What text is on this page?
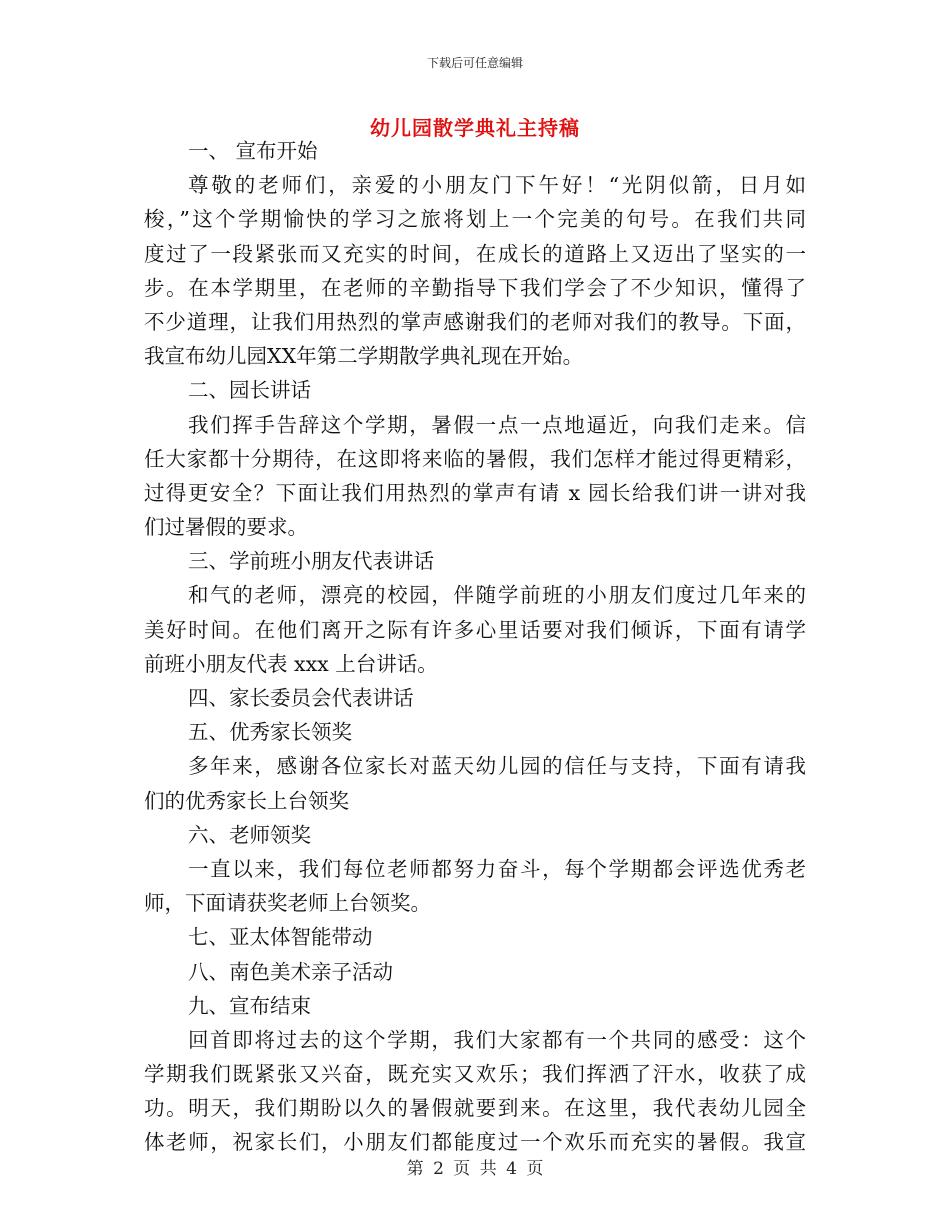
下载后可任意编辑
幼儿园散学典礼主持稿
一、 宣布开始
尊敬的老师们，亲爱的小朋友门下午好！“光阴似箭，日月如
梭，”这个学期愉快的学习之旅将划上一个完美的句号。在我们共同
度过了一段紧张而又充实的时间，在成长的道路上又迈出了坚实的一
步。在本学期里，在老师的辛勤指导下我们学会了不少知识，懂得了
不少道理，让我们用热烈的掌声感谢我们的老师对我们的教导。下面，
我宣布幼儿园XX年第二学期散学典礼现在开始。
二、园长讲话
我们挥手告辞这个学期，暑假一点一点地逼近，向我们走来。信
任大家都十分期待，在这即将来临的暑假，我们怎样才能过得更精彩，
过得更安全？下面让我们用热烈的掌声有请 x 园长给我们讲一讲对我
们过暑假的要求。
三、学前班小朋友代表讲话
和气的老师，漂亮的校园，伴随学前班的小朋友们度过几年来的
美好时间。在他们离开之际有许多心里话要对我们倾诉，下面有请学
前班小朋友代表 xxx 上台讲话。
四、家长委员会代表讲话
五、优秀家长领奖
多年来，感谢各位家长对蓝天幼儿园的信任与支持，下面有请我
们的优秀家长上台领奖
六、老师领奖
一直以来，我们每位老师都努力奋斗，每个学期都会评选优秀老
师，下面请获奖老师上台领奖。
七、亚太体智能带动
八、南色美术亲子活动
九、宣布结束
回首即将过去的这个学期，我们大家都有一个共同的感受：这个
学期我们既紧张又兴奋，既充实又欢乐；我们挥洒了汗水，收获了成
功。明天，我们期盼以久的暑假就要到来。在这里，我代表幼儿园全
体老师，祝家长们，小朋友们都能度过一个欢乐而充实的暑假。我宣
第 2 页 共 4 页
